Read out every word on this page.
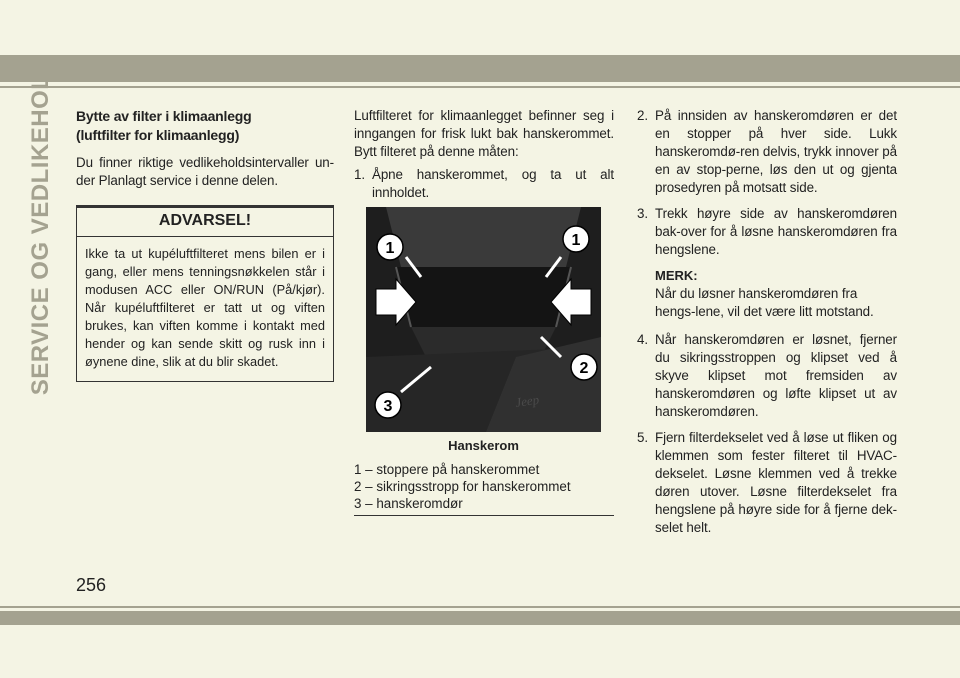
SERVICE OG VEDLIKEHOLD Bytte av filter i klimaanlegg

(luftfilter for klimaanlegg)

Du finner riktige vedlikeholdsintervaller un-der Planlagt service i denne delen.

ADVARSEL!
Ikke ta ut kupéluftfilteret mens bilen er i gang, eller mens tenningsnøkkelen står i modusen ACC eller ON/RUN (På/kjør). Når kupéluftfilteret er tatt ut og viften brukes, kan viften komme i kontakt med hender og kan sende skitt og rusk inn i øynene dine, slik at du blir skadet.

Luftfilteret for klimaanlegget befinner seg i inngangen for frisk lukt bak hanskerommet. Bytt filteret på denne måten:

1. Åpne hanskerommet, og ta ut alt innholdet.
1	1
2
3	Jeep
Hanskerom
1 – stoppere på hanskerommet
2 – sikringsstropp for hanskerommet
3 – hanskeromdør
2. På innsiden av hanskeromdøren er det en stopper på hver side. Lukk hanskeromdø-ren delvis, trykk innover på en av stop-perne, løs den ut og gjenta prosedyren på motsatt side.
3. Trekk høyre side av hanskeromdøren bak-over for å løsne hanskeromdøren fra hengslene.
MERK:

Når du løsner hanskeromdøren fra hengs-lene, vil det være litt motstand.

4. Når hanskeromdøren er løsnet, fjerner du sikringsstroppen og klipset ved å skyve klipset mot fremsiden av hanskeromdøren og løfte klipset ut av hanskeromdøren.
5. Fjern filterdekselet ved å løse ut fliken og klemmen som fester filteret til HVAC-dekselet. Løsne klemmen ved å trekke døren utover. Løsne filterdekselet fra hengslene på høyre side for å fjerne dek-selet helt.
256
